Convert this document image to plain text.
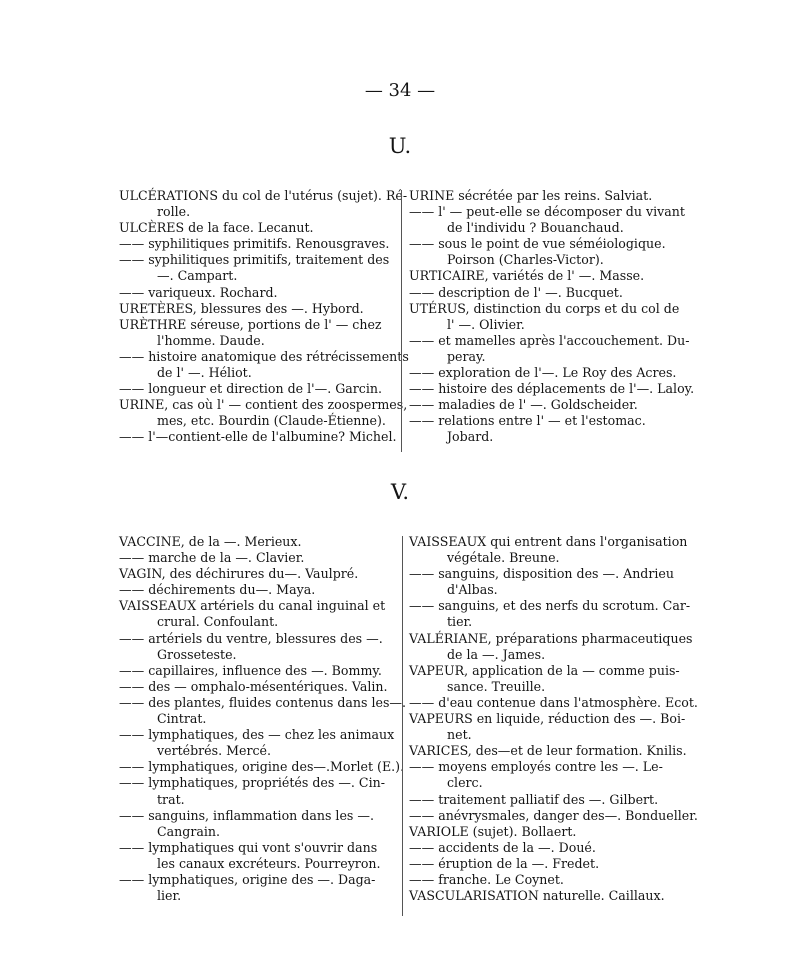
— 34 —
U.
V.
ULCÉRATIONS du col de l'utérus (sujet). Ré-
rolle.
ULCÈRES de la face. Lecanut.
—— syphilitiques primitifs. Renousgraves.
—— syphilitiques primitifs, traitement des
—. Campart.
—— variqueux. Rochard.
URETÈRES, blessures des —. Hybord.
URÈTHRE séreuse, portions de l' — chez
l'homme. Daude.
—— histoire anatomique des rétrécissements
de l' —. Héliot.
—— longueur et direction de l'—. Garcin.
URINE, cas où l' — contient des zoospermes,
mes, etc. Bourdin (Claude-Étienne).
—— l'—contient-elle de l'albumine? Michel.
URINE sécrétée par les reins. Salviat.
—— l' — peut-elle se décomposer du vivant
de l'individu ? Bouanchaud.
—— sous le point de vue séméiologique.
Poirson (Charles-Victor).
URTICAIRE, variétés de l' —. Masse.
—— description de l' —. Bucquet.
UTÉRUS, distinction du corps et du col de
l' —. Olivier.
—— et mamelles après l'accouchement. Du-
peray.
—— exploration de l'—. Le Roy des Acres.
—— histoire des déplacements de l'—. Laloy.
—— maladies de l' —. Goldscheider.
—— relations entre l' — et l'estomac.
Jobard.
VACCINE, de la —. Merieux.
—— marche de la —. Clavier.
VAGIN, des déchirures du—. Vaulpré.
—— déchirements du—. Maya.
VAISSEAUX artériels du canal inguinal et
crural. Confoulant.
—— artériels du ventre, blessures des —.
Grosseteste.
—— capillaires, influence des —. Bommy.
—— des — omphalo-mésentériques. Valin.
—— des plantes, fluides contenus dans les—.
Cintrat.
—— lymphatiques, des — chez les animaux
vertébrés. Mercé.
—— lymphatiques, origine des—.Morlet (E.).
—— lymphatiques, propriétés des —. Cin-
trat.
—— sanguins, inflammation dans les —.
Cangrain.
—— lymphatiques qui vont s'ouvrir dans
les canaux excréteurs. Pourreyron.
—— lymphatiques, origine des —. Daga-
lier.
VAISSEAUX qui entrent dans l'organisation
végétale. Breune.
—— sanguins, disposition des —. Andrieu
d'Albas.
—— sanguins, et des nerfs du scrotum. Car-
tier.
VALÉRIANE, préparations pharmaceutiques
de la —. James.
VAPEUR, application de la — comme puis-
sance. Treuille.
—— d'eau contenue dans l'atmosphère. Ecot.
VAPEURS en liquide, réduction des —. Boi-
net.
VARICES, des—et de leur formation. Knilis.
—— moyens employés contre les —. Le-
clerc.
—— traitement palliatif des —. Gilbert.
—— anévrysmales, danger des—. Bondueller.
VARIOLE (sujet). Bollaert.
—— accidents de la —. Doué.
—— éruption de la —. Fredet.
—— franche. Le Coynet.
VASCULARISATION naturelle. Caillaux.
